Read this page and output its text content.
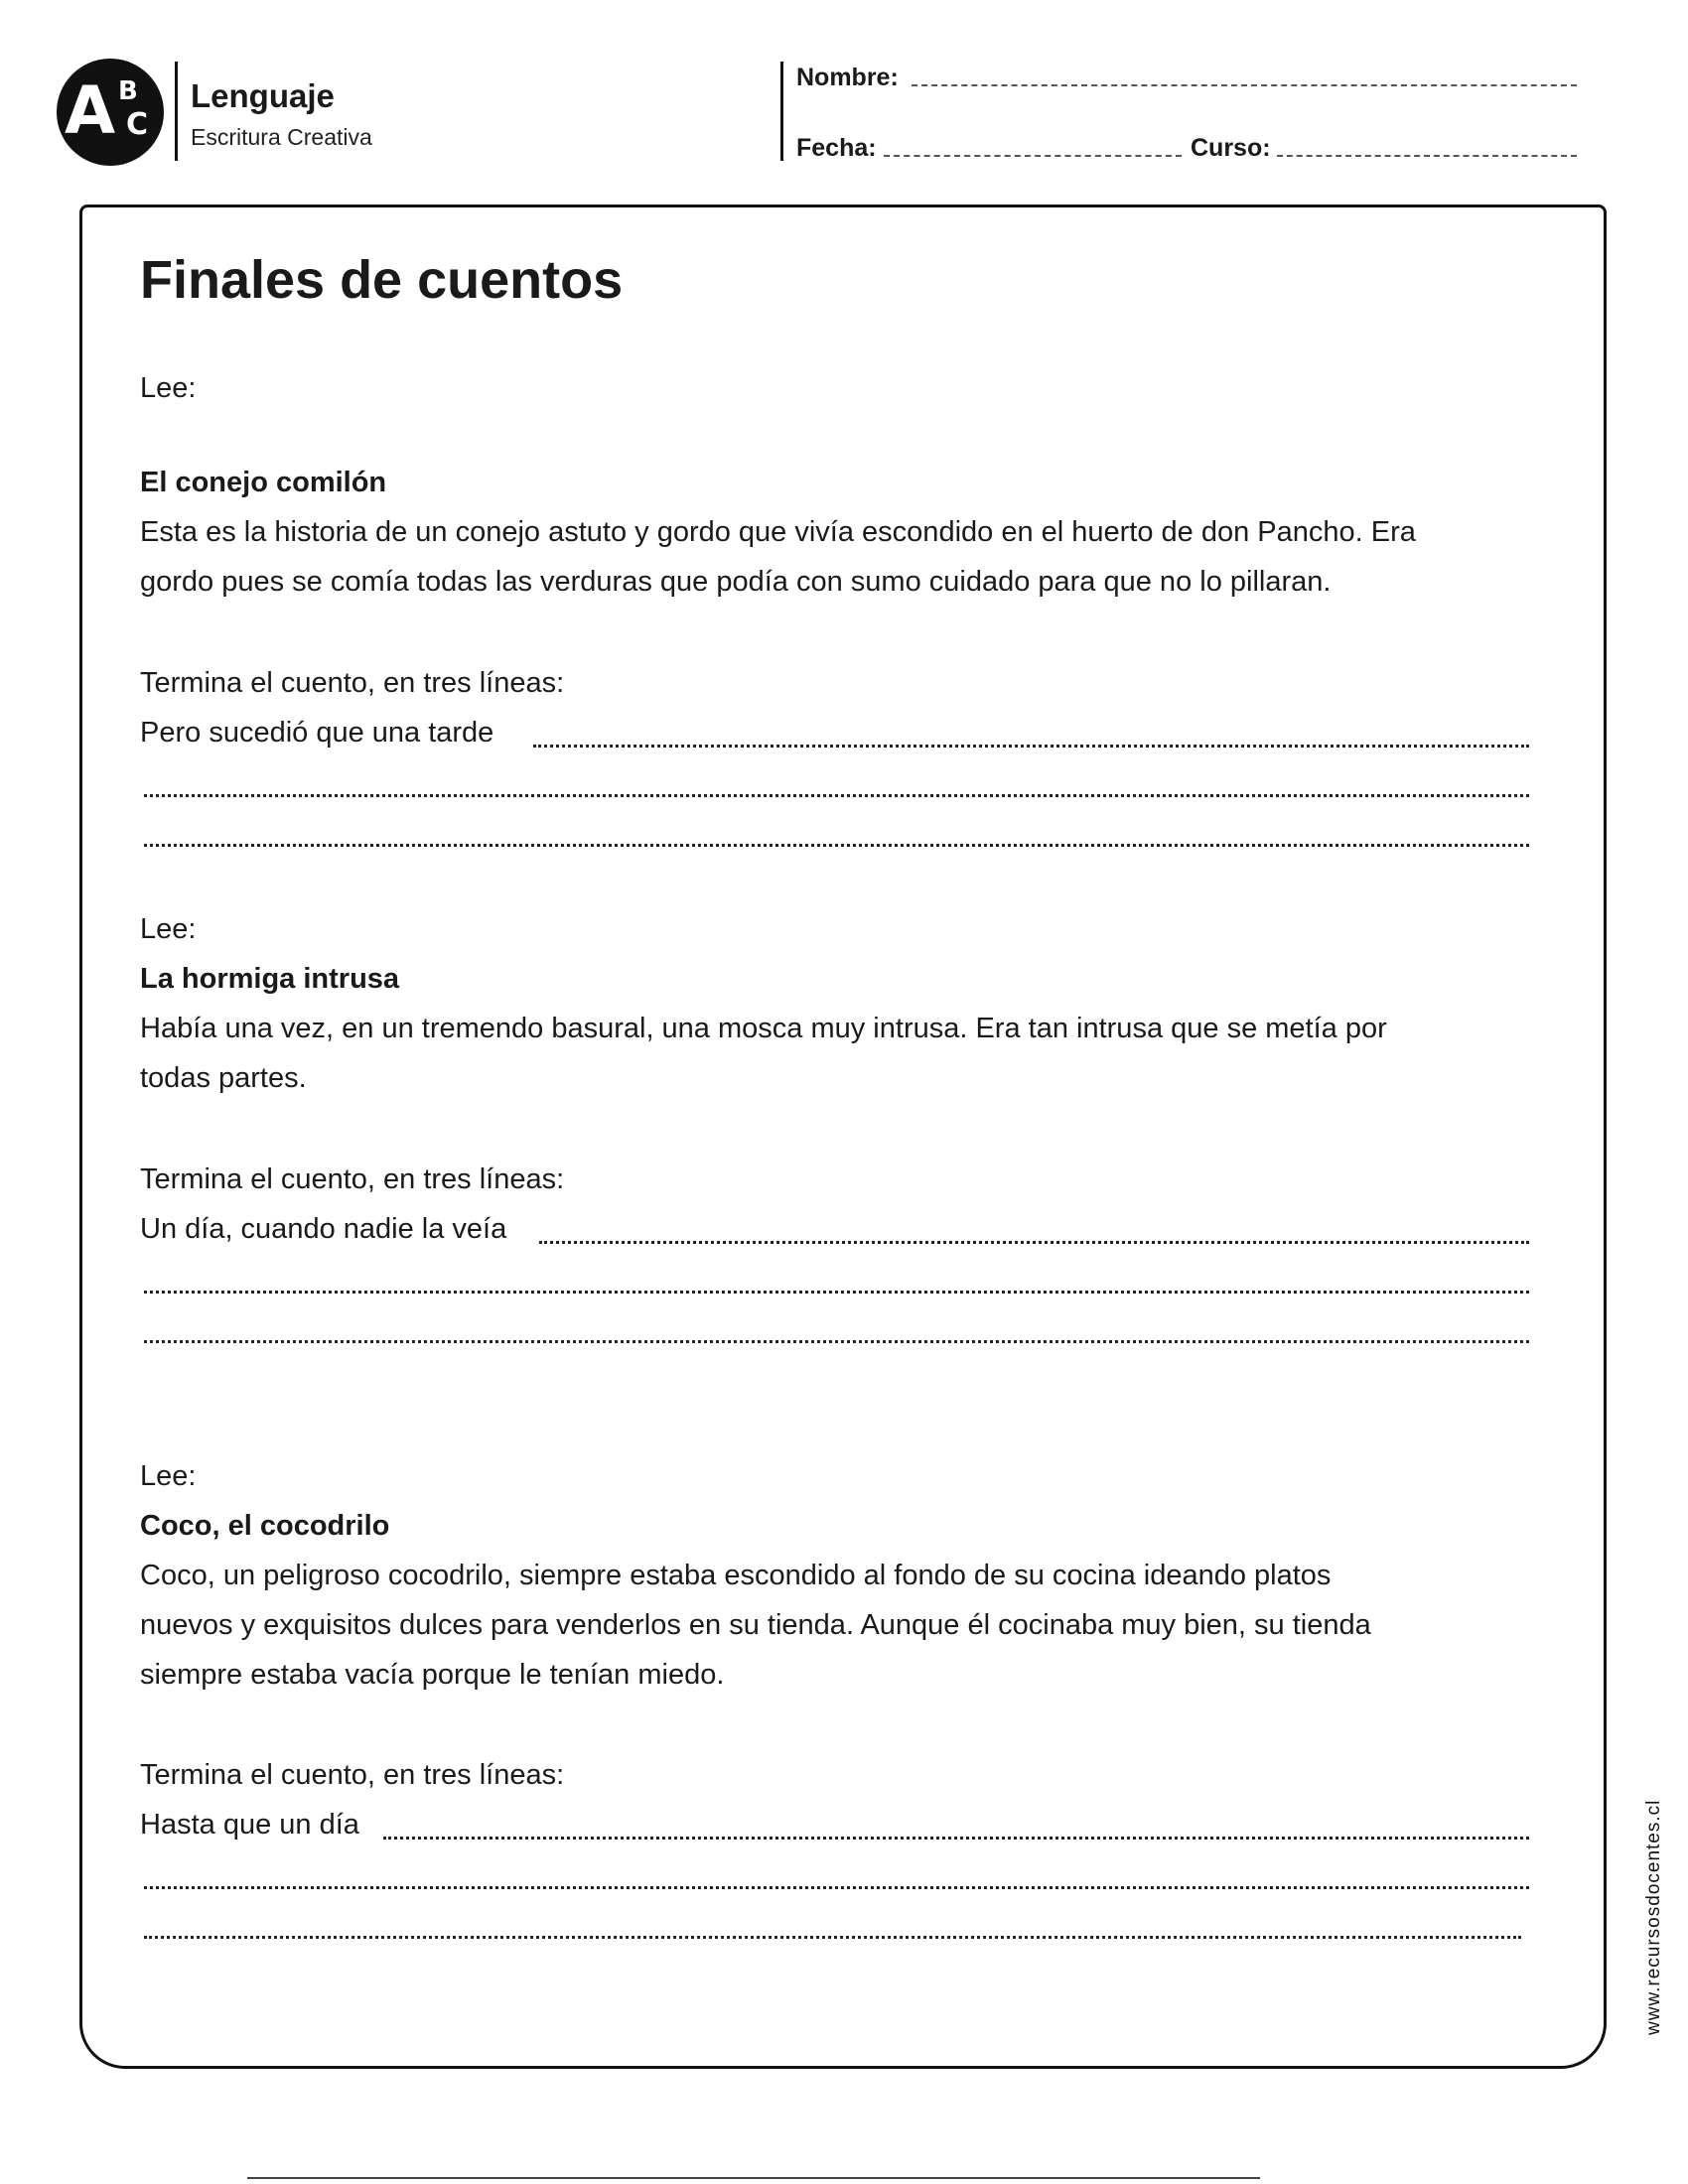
A B
C
Lenguaje
Escritura Creativa
Nombre:
Fecha:	Curso:
Finales de cuentos

Lee:

El conejo comilón

Esta es la historia de un conejo astuto y gordo que vivía escondido en el huerto de don Pancho. Era

gordo pues se comía todas las verduras que podía con sumo cuidado para que no lo pillaran.

Termina el cuento, en tres líneas:

Pero sucedió que una tarde

Lee:

La hormiga intrusa

Había una vez, en un tremendo basural, una mosca muy intrusa. Era tan intrusa que se metía por

todas partes.

Termina el cuento, en tres líneas:

Un día, cuando nadie la veía

Lee:

Coco, el cocodrilo

Coco, un peligroso cocodrilo, siempre estaba escondido al fondo de su cocina ideando platos

nuevos y exquisitos dulces para venderlos en su tienda. Aunque él cocinaba muy bien, su tienda

siempre estaba vacía porque le tenían miedo.

Termina el cuento, en tres líneas:

Hasta que un día	www.recursosdocentes.cl
